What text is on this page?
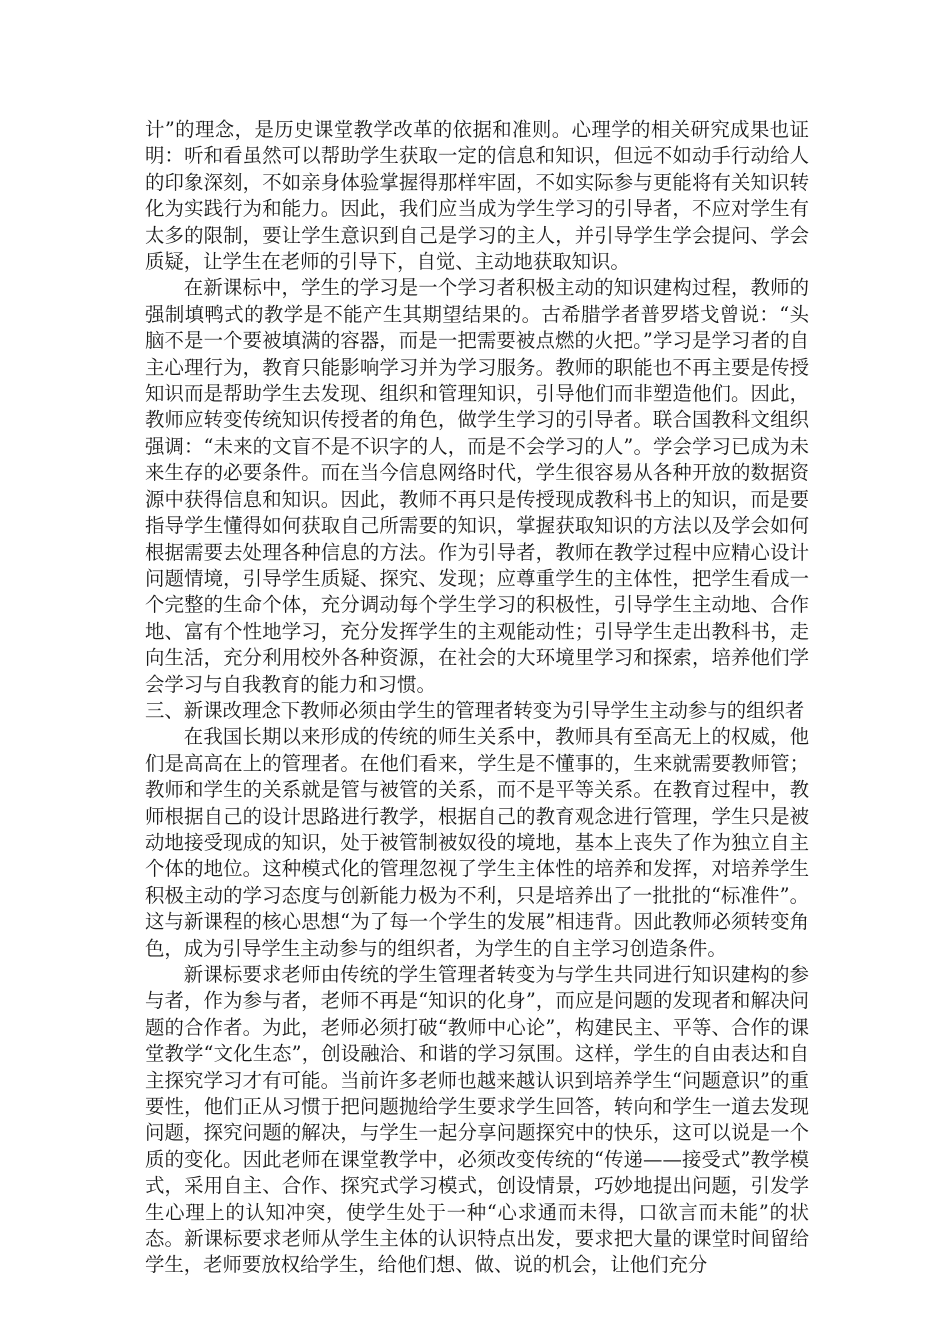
计”的理念，是历史课堂教学改革的依据和准则。心理学的相关研究成果也证明：听和看虽然可以帮助学生获取一定的信息和知识，但远不如动手行动给人的印象深刻，不如亲身体验掌握得那样牢固，不如实际参与更能将有关知识转化为实践行为和能力。因此，我们应当成为学生学习的引导者，不应对学生有太多的限制，要让学生意识到自己是学习的主人，并引导学生学会提问、学会质疑，让学生在老师的引导下，自觉、主动地获取知识。

在新课标中，学生的学习是一个学习者积极主动的知识建构过程，教师的强制填鸭式的教学是不能产生其期望结果的。古希腊学者普罗塔戈曾说：“头脑不是一个要被填满的容器，而是一把需要被点燃的火把。”学习是学习者的自主心理行为，教育只能影响学习并为学习服务。教师的职能也不再主要是传授知识而是帮助学生去发现、组织和管理知识，引导他们而非塑造他们。因此，教师应转变传统知识传授者的角色，做学生学习的引导者。联合国教科文组织强调：“未来的文盲不是不识字的人，而是不会学习的人”。学会学习已成为未来生存的必要条件。而在当今信息网络时代，学生很容易从各种开放的数据资源中获得信息和知识。因此，教师不再只是传授现成教科书上的知识，而是要指导学生懂得如何获取自己所需要的知识，掌握获取知识的方法以及学会如何根据需要去处理各种信息的方法。作为引导者，教师在教学过程中应精心设计问题情境，引导学生质疑、探究、发现；应尊重学生的主体性，把学生看成一个完整的生命个体，充分调动每个学生学习的积极性，引导学生主动地、合作地、富有个性地学习，充分发挥学生的主观能动性；引导学生走出教科书，走向生活，充分利用校外各种资源，在社会的大环境里学习和探索，培养他们学会学习与自我教育的能力和习惯。

三、新课改理念下教师必须由学生的管理者转变为引导学生主动参与的组织者

在我国长期以来形成的传统的师生关系中，教师具有至高无上的权威，他们是高高在上的管理者。在他们看来，学生是不懂事的，生来就需要教师管；教师和学生的关系就是管与被管的关系，而不是平等关系。在教育过程中，教师根据自己的设计思路进行教学，根据自己的教育观念进行管理，学生只是被动地接受现成的知识，处于被管制被奴役的境地，基本上丧失了作为独立自主个体的地位。这种模式化的管理忽视了学生主体性的培养和发挥，对培养学生积极主动的学习态度与创新能力极为不利，只是培养出了一批批的“标准件”。这与新课程的核心思想“为了每一个学生的发展”相违背。因此教师必须转变角色，成为引导学生主动参与的组织者，为学生的自主学习创造条件。

新课标要求老师由传统的学生管理者转变为与学生共同进行知识建构的参与者，作为参与者，老师不再是“知识的化身”，而应是问题的发现者和解决问题的合作者。为此，老师必须打破“教师中心论”，构建民主、平等、合作的课堂教学“文化生态”，创设融洽、和谐的学习氛围。这样，学生的自由表达和自主探究学习才有可能。当前许多老师也越来越认识到培养学生“问题意识”的重要性，他们正从习惯于把问题抛给学生要求学生回答，转向和学生一道去发现问题，探究问题的解决，与学生一起分享问题探究中的快乐，这可以说是一个质的变化。因此老师在课堂教学中，必须改变传统的“传递——接受式”教学模式，采用自主、合作、探究式学习模式，创设情景，巧妙地提出问题，引发学生心理上的认知冲突，使学生处于一种“心求通而未得，口欲言而未能”的状态。新课标要求老师从学生主体的认识特点出发，要求把大量的课堂时间留给学生，老师要放权给学生，给他们想、做、说的机会，让他们充分
